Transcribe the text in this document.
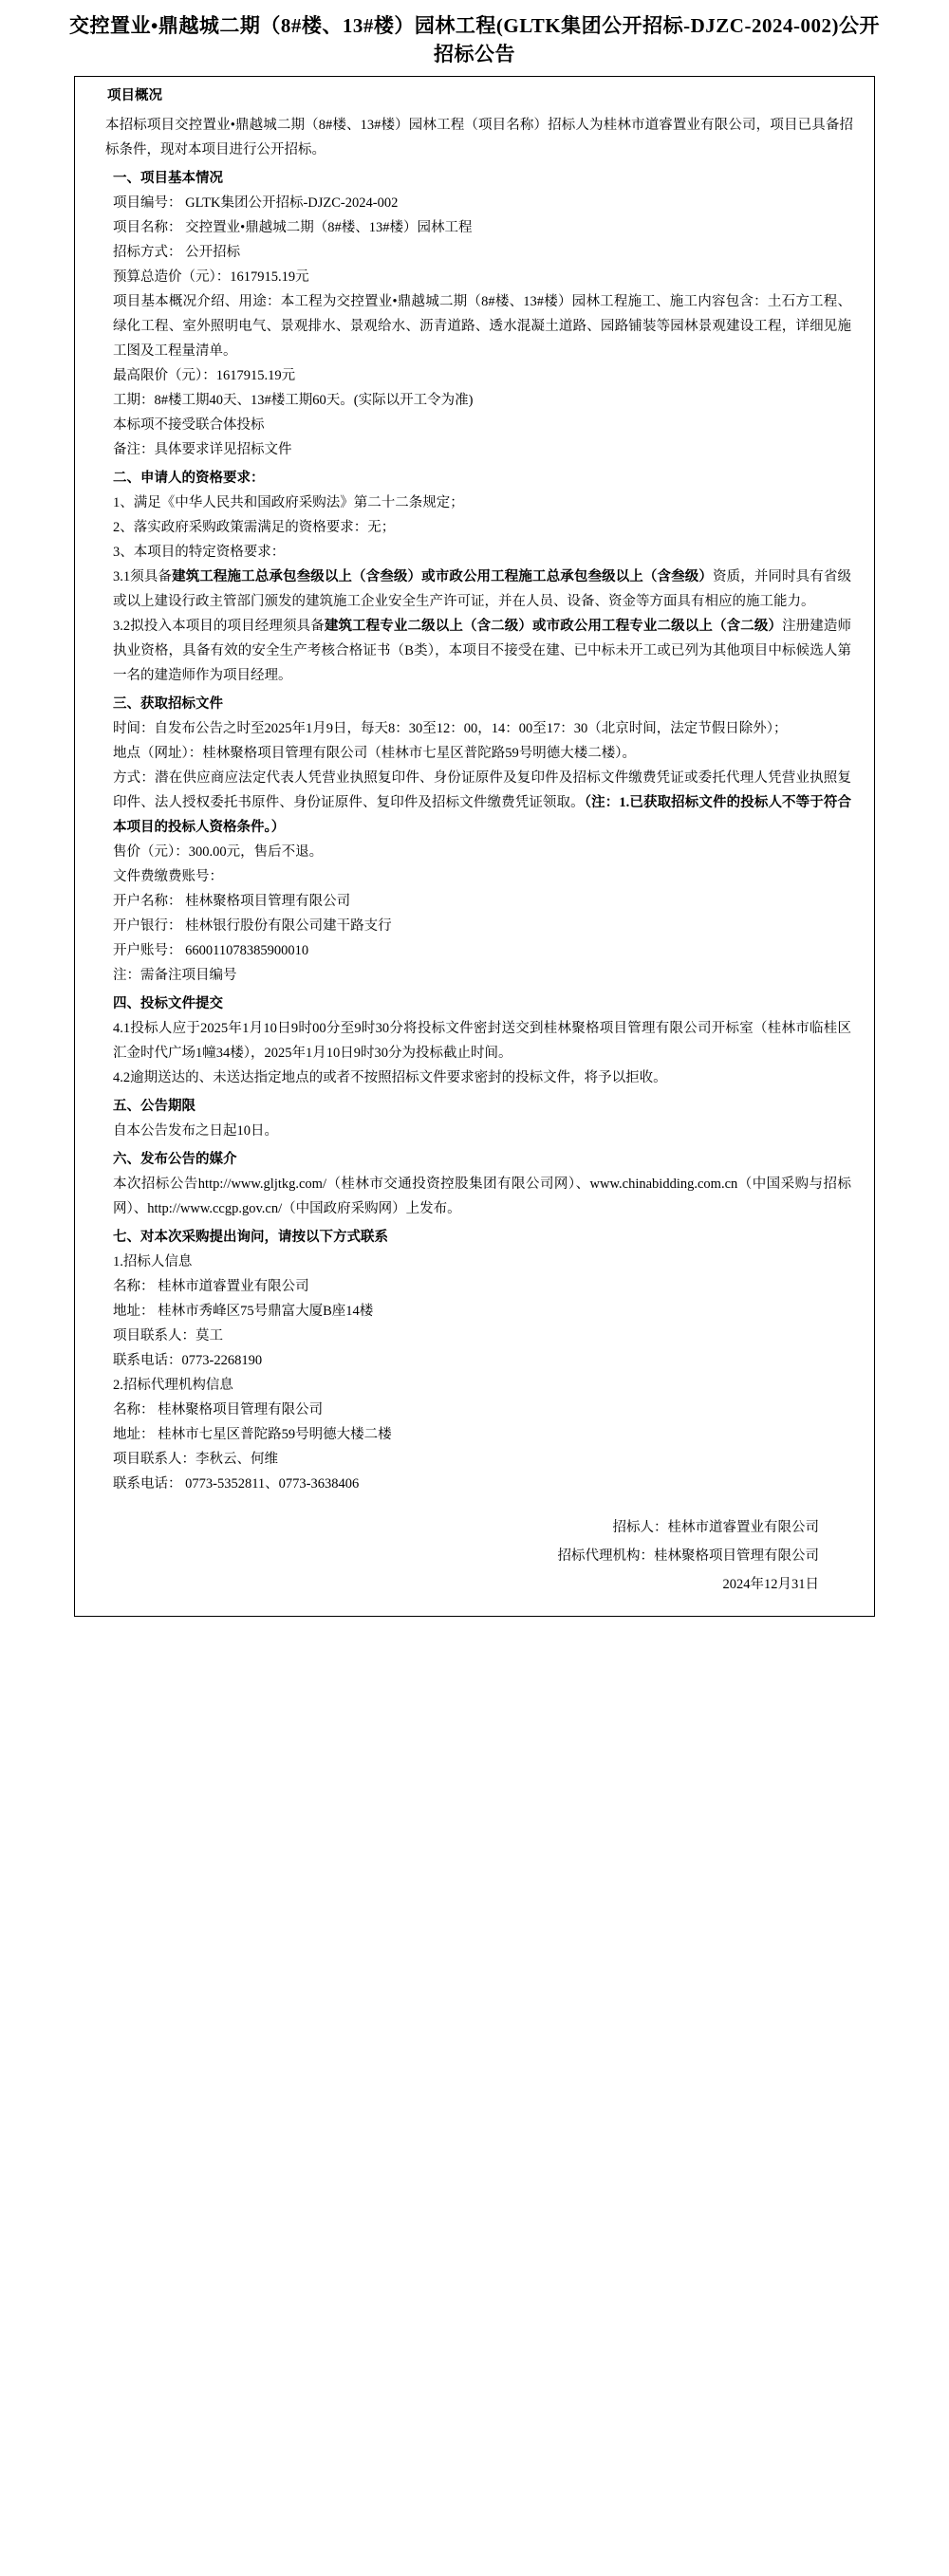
交控置业•鼎越城二期（8#楼、13#楼）园林工程(GLTK集团公开招标-DJZC-2024-002)公开招标公告
项目概况

本招标项目交控置业•鼎越城二期（8#楼、13#楼）园林工程（项目名称）招标人为桂林市道睿置业有限公司，项目已具备招标条件，现对本项目进行公开招标。

一、项目基本情况

项目编号： GLTK集团公开招标-DJZC-2024-002

项目名称： 交控置业•鼎越城二期（8#楼、13#楼）园林工程

招标方式： 公开招标

预算总造价（元）：1617915.19元

项目基本概况介绍、用途：本工程为交控置业•鼎越城二期（8#楼、13#楼）园林工程施工、施工内容包含：土石方工程、绿化工程、室外照明电气、景观排水、景观给水、沥青道路、透水混凝土道路、园路铺装等园林景观建设工程，详细见施工图及工程量清单。

最高限价（元）：1617915.19元

工期：8#楼工期40天、13#楼工期60天。(实际以开工令为准)

本标项不接受联合体投标

备注：具体要求详见招标文件

二、申请人的资格要求：

1、满足《中华人民共和国政府采购法》第二十二条规定；

2、落实政府采购政策需满足的资格要求：无；

3、本项目的特定资格要求：

3.1须具备建筑工程施工总承包叁级以上（含叁级）或市政公用工程施工总承包叁级以上（含叁级）资质，并同时具有省级或以上建设行政主管部门颁发的建筑施工企业安全生产许可证，并在人员、设备、资金等方面具有相应的施工能力。

3.2拟投入本项目的项目经理须具备建筑工程专业二级以上（含二级）或市政公用工程专业二级以上（含二级）注册建造师执业资格，具备有效的安全生产考核合格证书（B类），本项目不接受在建、已中标未开工或已列为其他项目中标候选人第一名的建造师作为项目经理。

三、获取招标文件

时间：自发布公告之时至2025年1月9日，每天8：30至12：00，14：00至17：30（北京时间，法定节假日除外）；

地点（网址）：桂林聚格项目管理有限公司（桂林市七星区普陀路59号明德大楼二楼）。

方式：潜在供应商应法定代表人凭营业执照复印件、身份证原件及复印件及招标文件缴费凭证或委托代理人凭营业执照复印件、法人授权委托书原件、身份证原件、复印件及招标文件缴费凭证领取。（注：1.已获取招标文件的投标人不等于符合本项目的投标人资格条件。）

售价（元）：300.00元，售后不退。

文件费缴费账号：

开户名称： 桂林聚格项目管理有限公司

开户银行： 桂林银行股份有限公司建干路支行

开户账号： 660011078385900010

注：需备注项目编号

四、投标文件提交

4.1投标人应于2025年1月10日9时00分至9时30分将投标文件密封送交到桂林聚格项目管理有限公司开标室（桂林市临桂区汇金时代广场1幢34楼），2025年1月10日9时30分为投标截止时间。

4.2逾期送达的、未送达指定地点的或者不按照招标文件要求密封的投标文件，将予以拒收。

五、公告期限

自本公告发布之日起10日。

六、发布公告的媒介

本次招标公告http://www.gljtkg.com/（桂林市交通投资控股集团有限公司网）、www.chinabidding.com.cn（中国采购与招标网）、http://www.ccgp.gov.cn/（中国政府采购网）上发布。

七、对本次采购提出询问，请按以下方式联系

1.招标人信息

名称： 桂林市道睿置业有限公司

地址： 桂林市秀峰区75号鼎富大厦B座14楼

项目联系人：莫工

联系电话：0773-2268190

2.招标代理机构信息

名称： 桂林聚格项目管理有限公司

地址： 桂林市七星区普陀路59号明德大楼二楼

项目联系人：李秋云、何维

联系电话： 0773-5352811、0773-3638406

招标人：桂林市道睿置业有限公司
招标代理机构：桂林聚格项目管理有限公司
2024年12月31日
